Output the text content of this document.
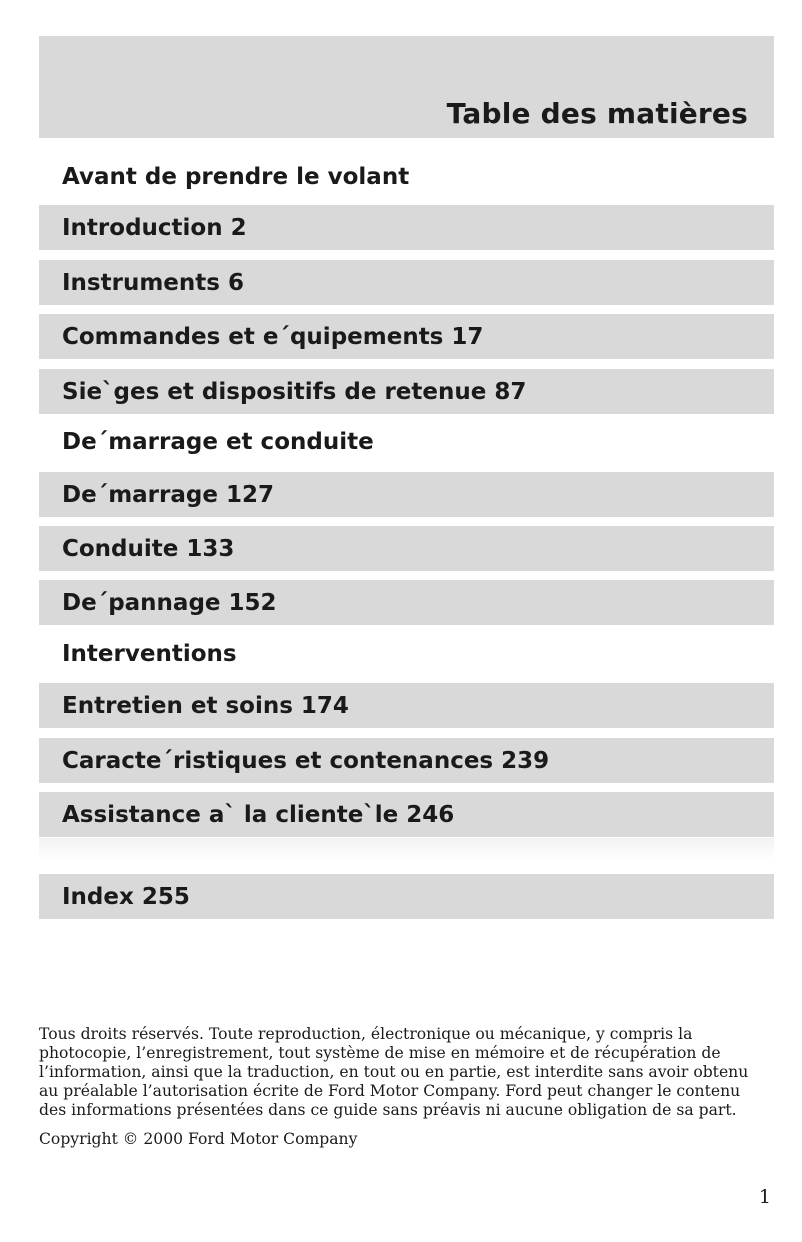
Table des matières
Avant de prendre le volant
Introduction 2
Instruments 6
Commandes et e´quipements 17
Sie`ges et dispositifs de retenue 87
De´marrage et conduite
De´marrage 127
Conduite 133
De´pannage 152
Interventions
Entretien et soins 174
Caracte´ristiques et contenances 239
Assistance a` la cliente`le 246
Index 255
Tous droits réservés. Toute reproduction, électronique ou mécanique, y compris la
photocopie, l’enregistrement, tout système de mise en mémoire et de récupération de
l’information, ainsi que la traduction, en tout ou en partie, est interdite sans avoir obtenu
au préalable l’autorisation écrite de Ford Motor Company. Ford peut changer le contenu
des informations présentées dans ce guide sans préavis ni aucune obligation de sa part.
Copyright © 2000 Ford Motor Company
1
